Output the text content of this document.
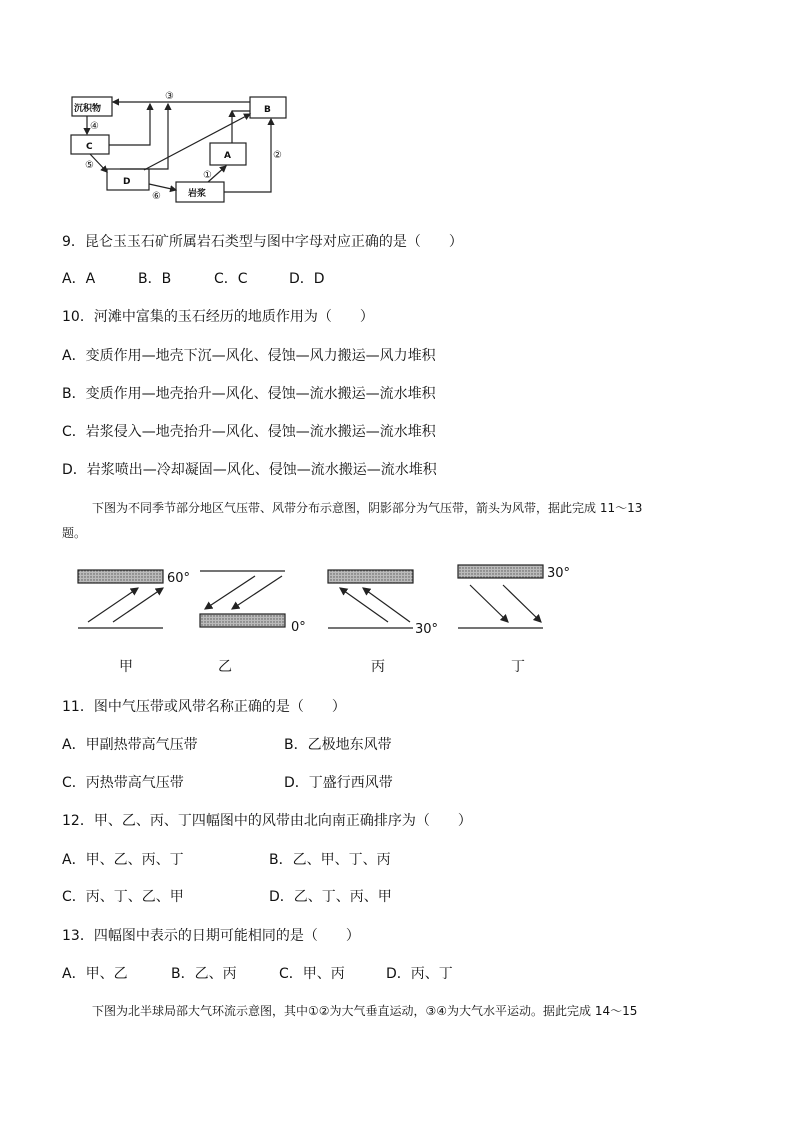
沉积物	B
C
D
A
岩浆
③
④
⑤
⑥
①
②
9．昆仑玉玉石矿所属岩石类型与图中字母对应正确的是（　　）
A．A	B．B	C．C	D．D
10．河滩中富集的玉石经历的地质作用为（　　）
A．变质作用—地壳下沉—风化、侵蚀—风力搬运—风力堆积
B．变质作用—地壳抬升—风化、侵蚀—流水搬运—流水堆积
C．岩浆侵入—地壳抬升—风化、侵蚀—流水搬运—流水堆积
D．岩浆喷出—冷却凝固—风化、侵蚀—流水搬运—流水堆积
下图为不同季节部分地区气压带、风带分布示意图，阴影部分为气压带，箭头为风带，据此完成 11～13
题。
60°
0°	30°
30°
甲	乙	丙	丁
11．图中气压带或风带名称正确的是（　　）
A．甲副热带高气压带	B．乙极地东风带
C．丙热带高气压带	D．丁盛行西风带
12．甲、乙、丙、丁四幅图中的风带由北向南正确排序为（　　）
A．甲、乙、丙、丁	B．乙、甲、丁、丙
C．丙、丁、乙、甲	D．乙、丁、丙、甲
13．四幅图中表示的日期可能相同的是（　　）
A．甲、乙	B．乙、丙	C．甲、丙	D．丙、丁
下图为北半球局部大气环流示意图，其中①②为大气垂直运动，③④为大气水平运动。据此完成 14～15
